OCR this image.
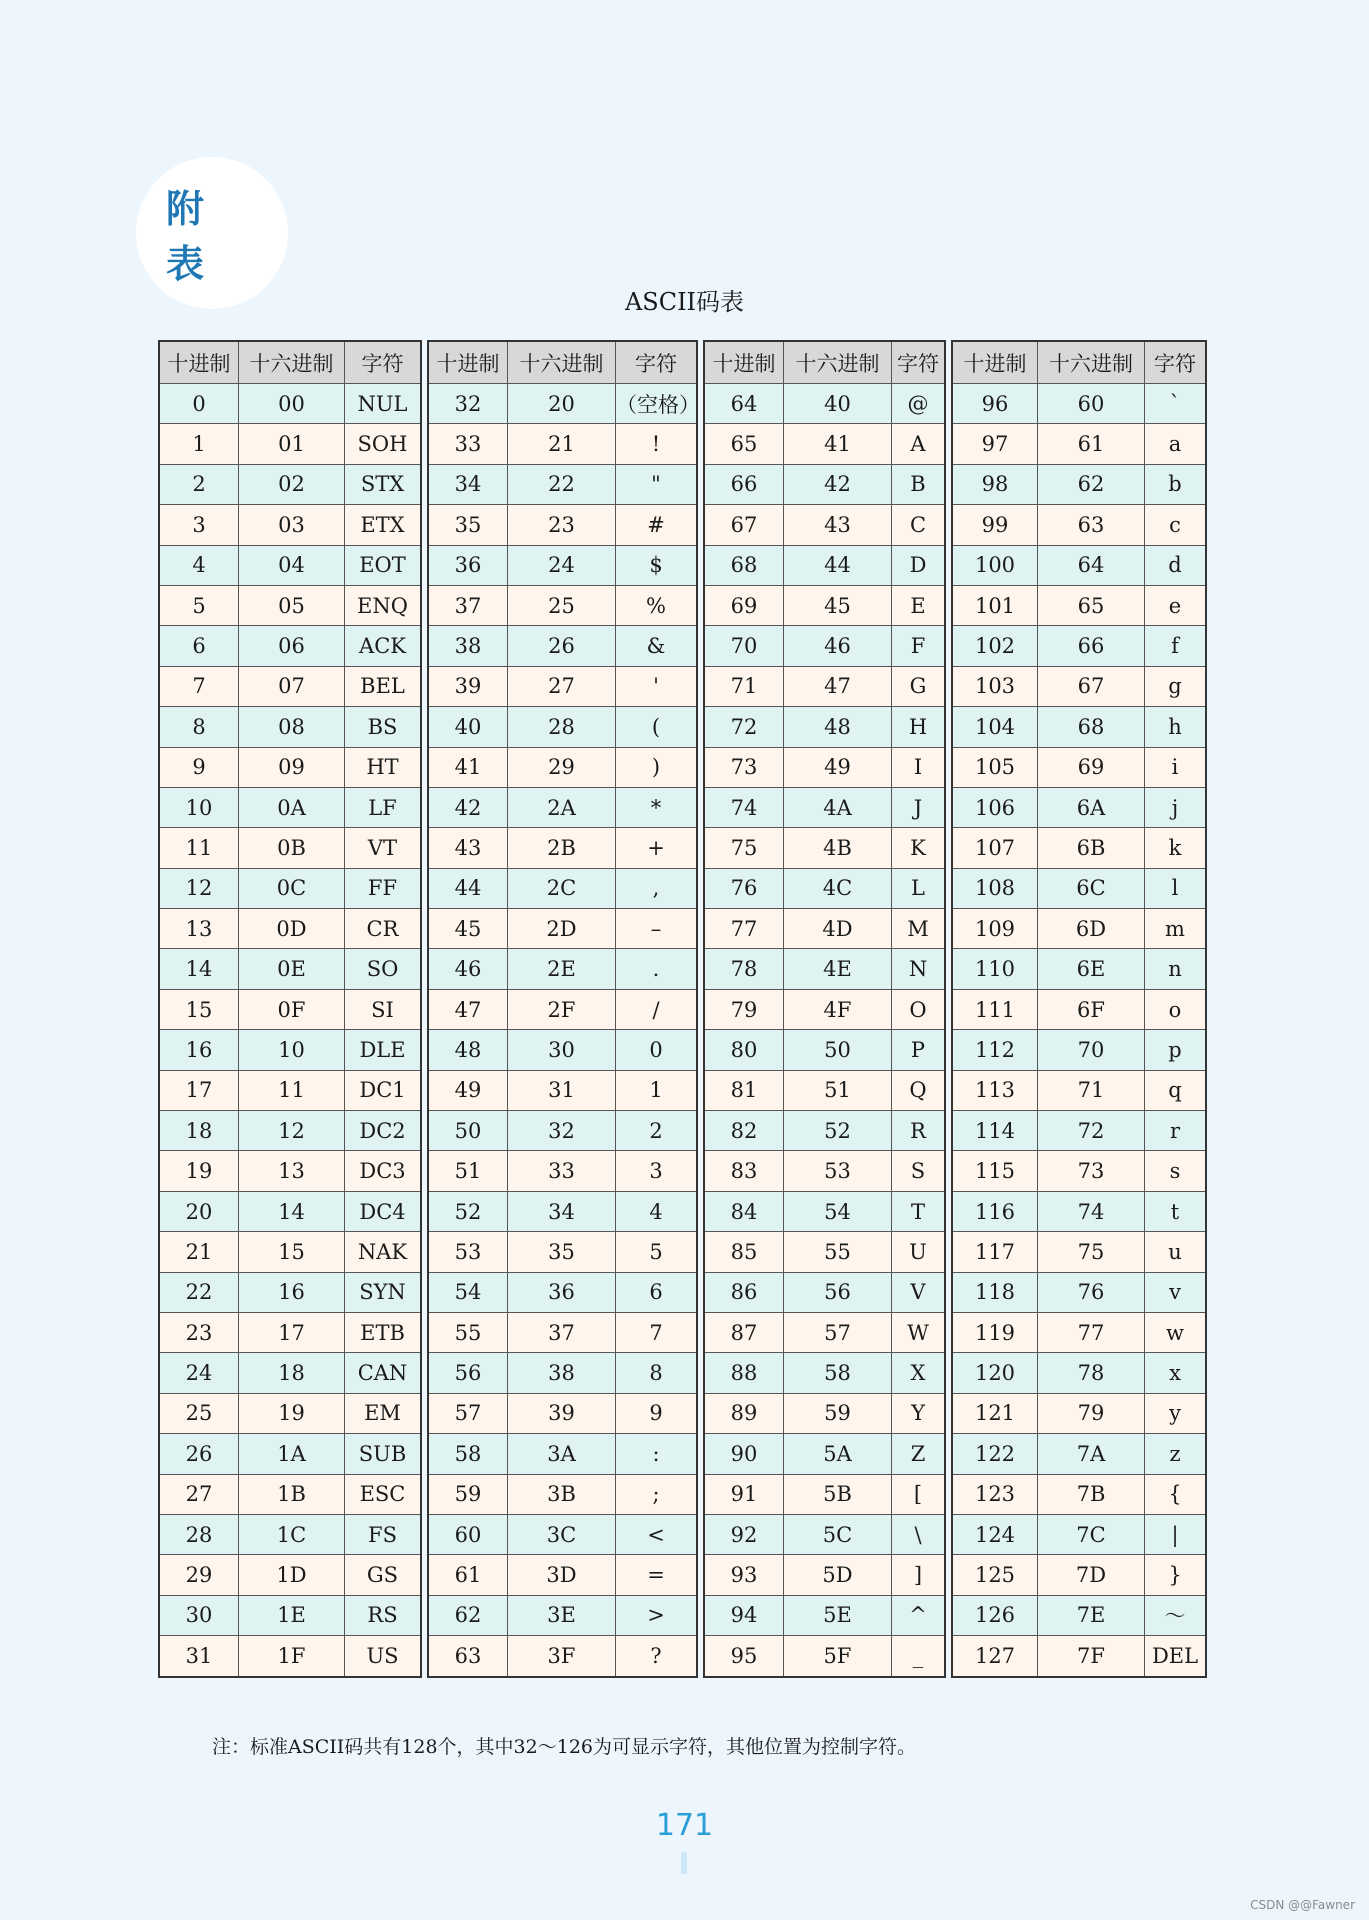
附 表
ASCII码表
十进制	十六进制	字符
0	00	NUL
1	01	SOH
2	02	STX
3	03	ETX
4	04	EOT
5	05	ENQ
6	06	ACK
7	07	BEL
8	08	BS
9	09	HT
10	0A	LF
11	0B	VT
12	0C	FF
13	0D	CR
14	0E	SO
15	0F	SI
16	10	DLE
17	11	DC1
18	12	DC2
19	13	DC3
20	14	DC4
21	15	NAK
22	16	SYN
23	17	ETB
24	18	CAN
25	19	EM
26	1A	SUB
27	1B	ESC
28	1C	FS
29	1D	GS
30	1E	RS
31	1F	US
十进制	十六进制	字符
32	20	（空格）
33	21	!
34	22	"
35	23	#
36	24	$
37	25	%
38	26	&
39	27	'
40	28	(
41	29	)
42	2A	*
43	2B	+
44	2C	,
45	2D	–
46	2E	.
47	2F	/
48	30	0
49	31	1
50	32	2
51	33	3
52	34	4
53	35	5
54	36	6
55	37	7
56	38	8
57	39	9
58	3A	:
59	3B	;
60	3C	<
61	3D	=
62	3E	>
63	3F	?
十进制	十六进制	字符
64	40	@
65	41	A
66	42	B
67	43	C
68	44	D
69	45	E
70	46	F
71	47	G
72	48	H
73	49	I
74	4A	J
75	4B	K
76	4C	L
77	4D	M
78	4E	N
79	4F	O
80	50	P
81	51	Q
82	52	R
83	53	S
84	54	T
85	55	U
86	56	V
87	57	W
88	58	X
89	59	Y
90	5A	Z
91	5B	[
92	5C	\
93	5D	]
94	5E	^
95	5F	_
十进制	十六进制	字符
96	60	`
97	61	a
98	62	b
99	63	c
100	64	d
101	65	e
102	66	f
103	67	g
104	68	h
105	69	i
106	6A	j
107	6B	k
108	6C	l
109	6D	m
110	6E	n
111	6F	o
112	70	p
113	71	q
114	72	r
115	73	s
116	74	t
117	75	u
118	76	v
119	77	w
120	78	x
121	79	y
122	7A	z
123	7B	{
124	7C	|
125	7D	}
126	7E	～
127	7F	DEL
注：标准ASCII码共有128个，其中32～126为可显示字符，其他位置为控制字符。
171
CSDN @@Fawner
